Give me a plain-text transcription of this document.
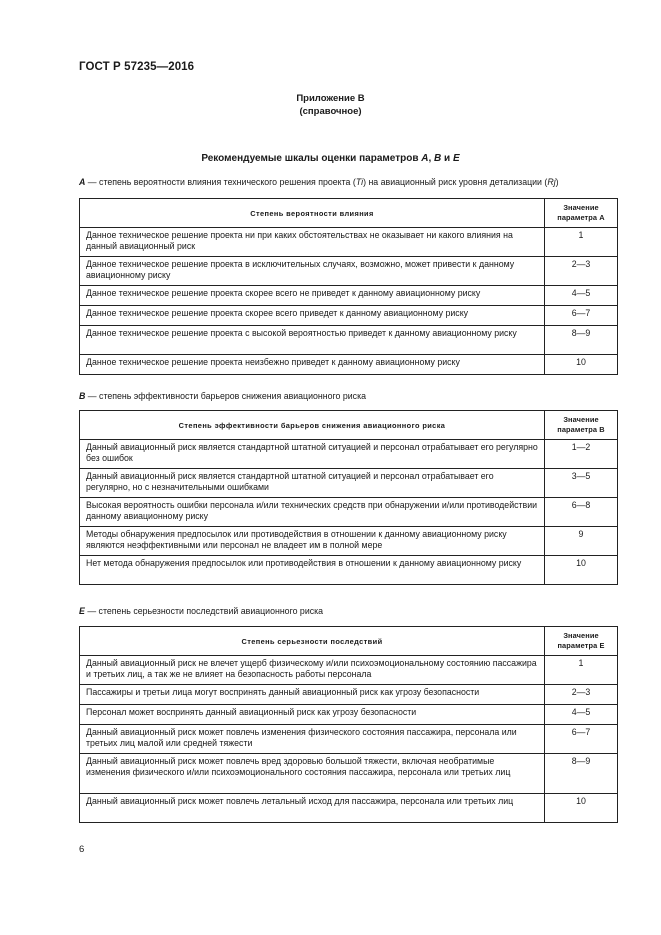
ГОСТ Р 57235—2016
Приложение В
(справочное)
Рекомендуемые шкалы оценки параметров A, B и E
A — степень вероятности влияния технического решения проекта (Ti) на авиационный риск уровня детализации (Rj)
Степень вероятности влияния	Значение параметра A
Данное техническое решение проекта ни при каких обстоятельствах не оказывает ни какого влияния на данный авиационный риск	1
Данное техническое решение проекта в исключительных случаях, возможно, может привести к данному авиационному риску	2—3
Данное техническое решение проекта скорее всего не приведет к данному авиационному риску	4—5
Данное техническое решение проекта скорее всего приведет к данному авиационному риску	6—7
Данное техническое решение проекта с высокой вероятностью приведет к данному авиационному риску	8—9
Данное техническое решение проекта неизбежно приведет к данному авиационному риску	10
B — степень эффективности барьеров снижения авиационного риска
Степень эффективности барьеров снижения авиационного риска	Значение параметра B
Данный авиационный риск является стандартной штатной ситуацией и персонал отрабатывает его регулярно без ошибок	1—2
Данный авиационный риск является стандартной штатной ситуацией и персонал отрабатывает его регулярно, но с незначительными ошибками	3—5
Высокая вероятность ошибки персонала и/или технических средств при обнаружении и/или противодействии данному авиационному риску	6—8
Методы обнаружения предпосылок или противодействия в отношении к данному авиационному риску являются неэффективными или персонал не владеет им в полной мере	9
Нет метода обнаружения предпосылок или противодействия в отношении к данному авиационному риску	10
E — степень серьезности последствий авиационного риска
Степень серьезности последствий	Значение параметра E
Данный авиационный риск не влечет ущерб физическому и/или психоэмоциональному состоянию пассажира и третьих лиц, а так же не влияет на безопасность работы персонала	1
Пассажиры и третьи лица могут воспринять данный авиационный риск как угрозу безопасности	2—3
Персонал может воспринять данный авиационный риск как угрозу безопасности	4—5
Данный авиационный риск может повлечь изменения физического состояния пассажира, персонала или третьих лиц малой или средней тяжести	6—7
Данный авиационный риск может повлечь вред здоровью большой тяжести, включая необратимые изменения физического и/или психоэмоционального состояния пассажира, персонала или третьих лиц	8—9
Данный авиационный риск может повлечь летальный исход для пассажира, персонала или третьих лиц	10
6
